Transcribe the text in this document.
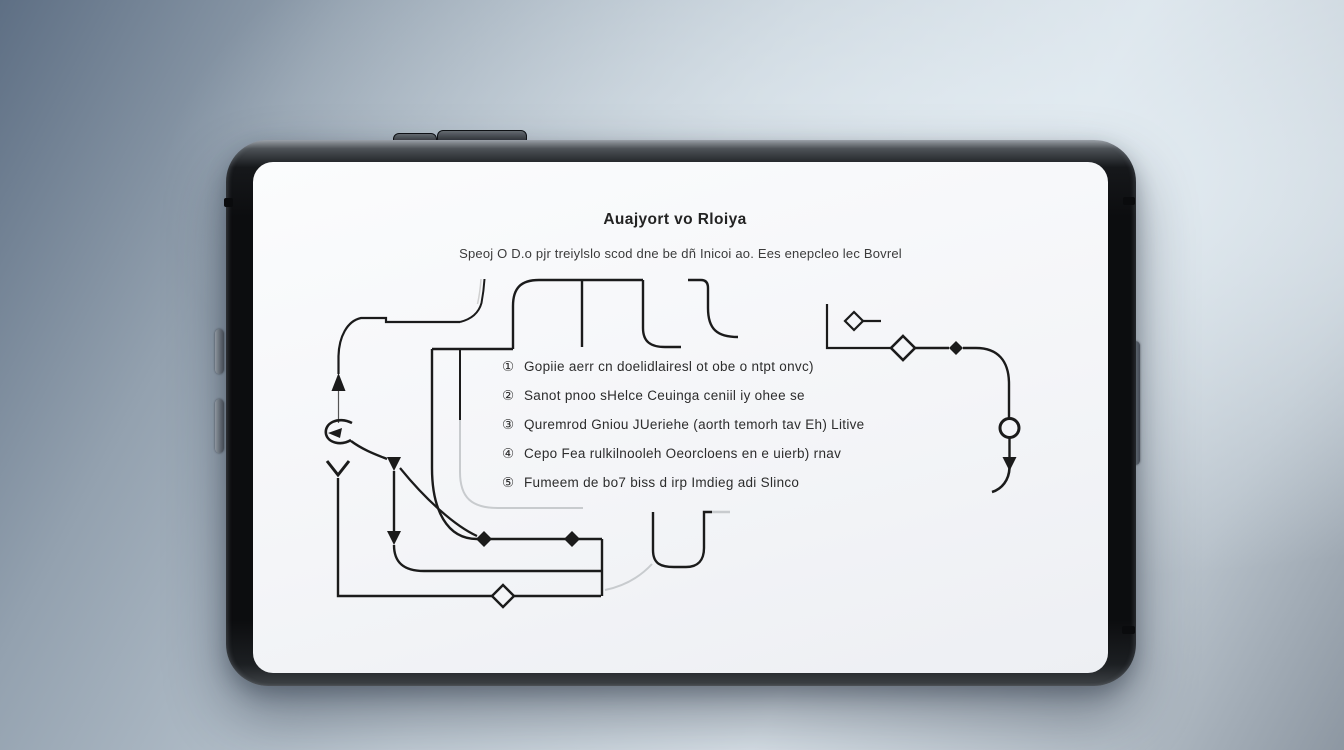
Auajyort vo Rloiya
Speoj O D.o pjr treiylslo scod dne be dñ Inicoi ao. Ees enepcleo lec Bovrel
① Gopiie aerr cn doelidlairesl ot obe o ntpt onvc)
② Sanot pnoo sHelce Ceuinga ceniil iy ohee se
③ Quremrod Gniou JUeriehe (aorth temorh tav Eh) Litive
④ Cepo Fea rulkilnooleh Oeorcloens en e uierb) rnav
⑤ Fumeem de bo7 biss d irp Imdieg adi Slinco
